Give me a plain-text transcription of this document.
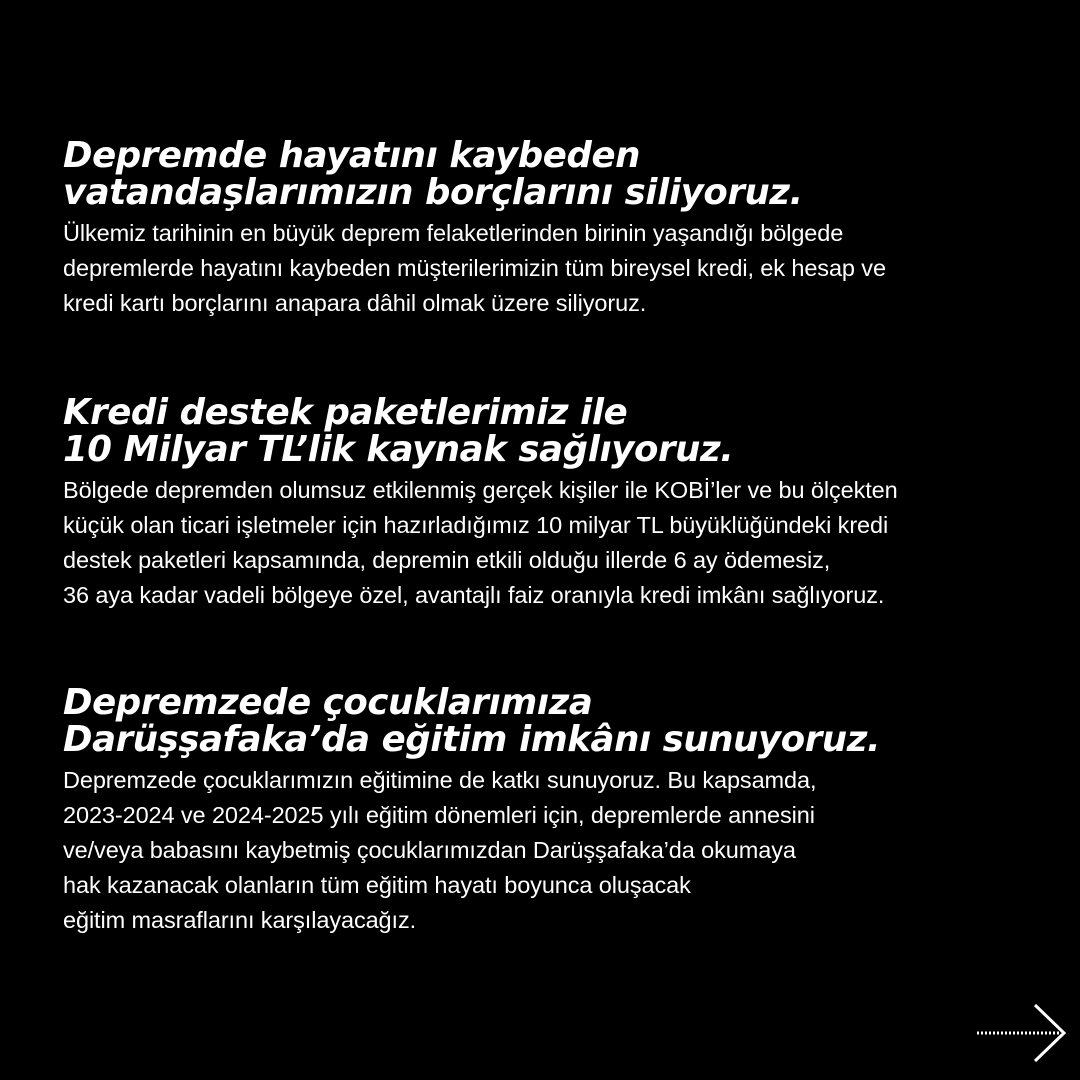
Depremde hayatını kaybeden
vatandaşlarımızın borçlarını siliyoruz.

Ülkemiz tarihinin en büyük deprem felaketlerinden birinin yaşandığı bölgede
depremlerde hayatını kaybeden müşterilerimizin tüm bireysel kredi, ek hesap ve
kredi kartı borçlarını anapara dâhil olmak üzere siliyoruz.

Kredi destek paketlerimiz ile
10 Milyar TL’lik kaynak sağlıyoruz.

Bölgede depremden olumsuz etkilenmiş gerçek kişiler ile KOBİ’ler ve bu ölçekten
küçük olan ticari işletmeler için hazırladığımız 10 milyar TL büyüklüğündeki kredi
destek paketleri kapsamında, depremin etkili olduğu illerde 6 ay ödemesiz,
36 aya kadar vadeli bölgeye özel, avantajlı faiz oranıyla kredi imkânı sağlıyoruz.

Depremzede çocuklarımıza
Darüşşafaka’da eğitim imkânı sunuyoruz.

Depremzede çocuklarımızın eğitimine de katkı sunuyoruz. Bu kapsamda,
2023-2024 ve 2024-2025 yılı eğitim dönemleri için, depremlerde annesini
ve/veya babasını kaybetmiş çocuklarımızdan Darüşşafaka’da okumaya
hak kazanacak olanların tüm eğitim hayatı boyunca oluşacak
eğitim masraflarını karşılayacağız.
